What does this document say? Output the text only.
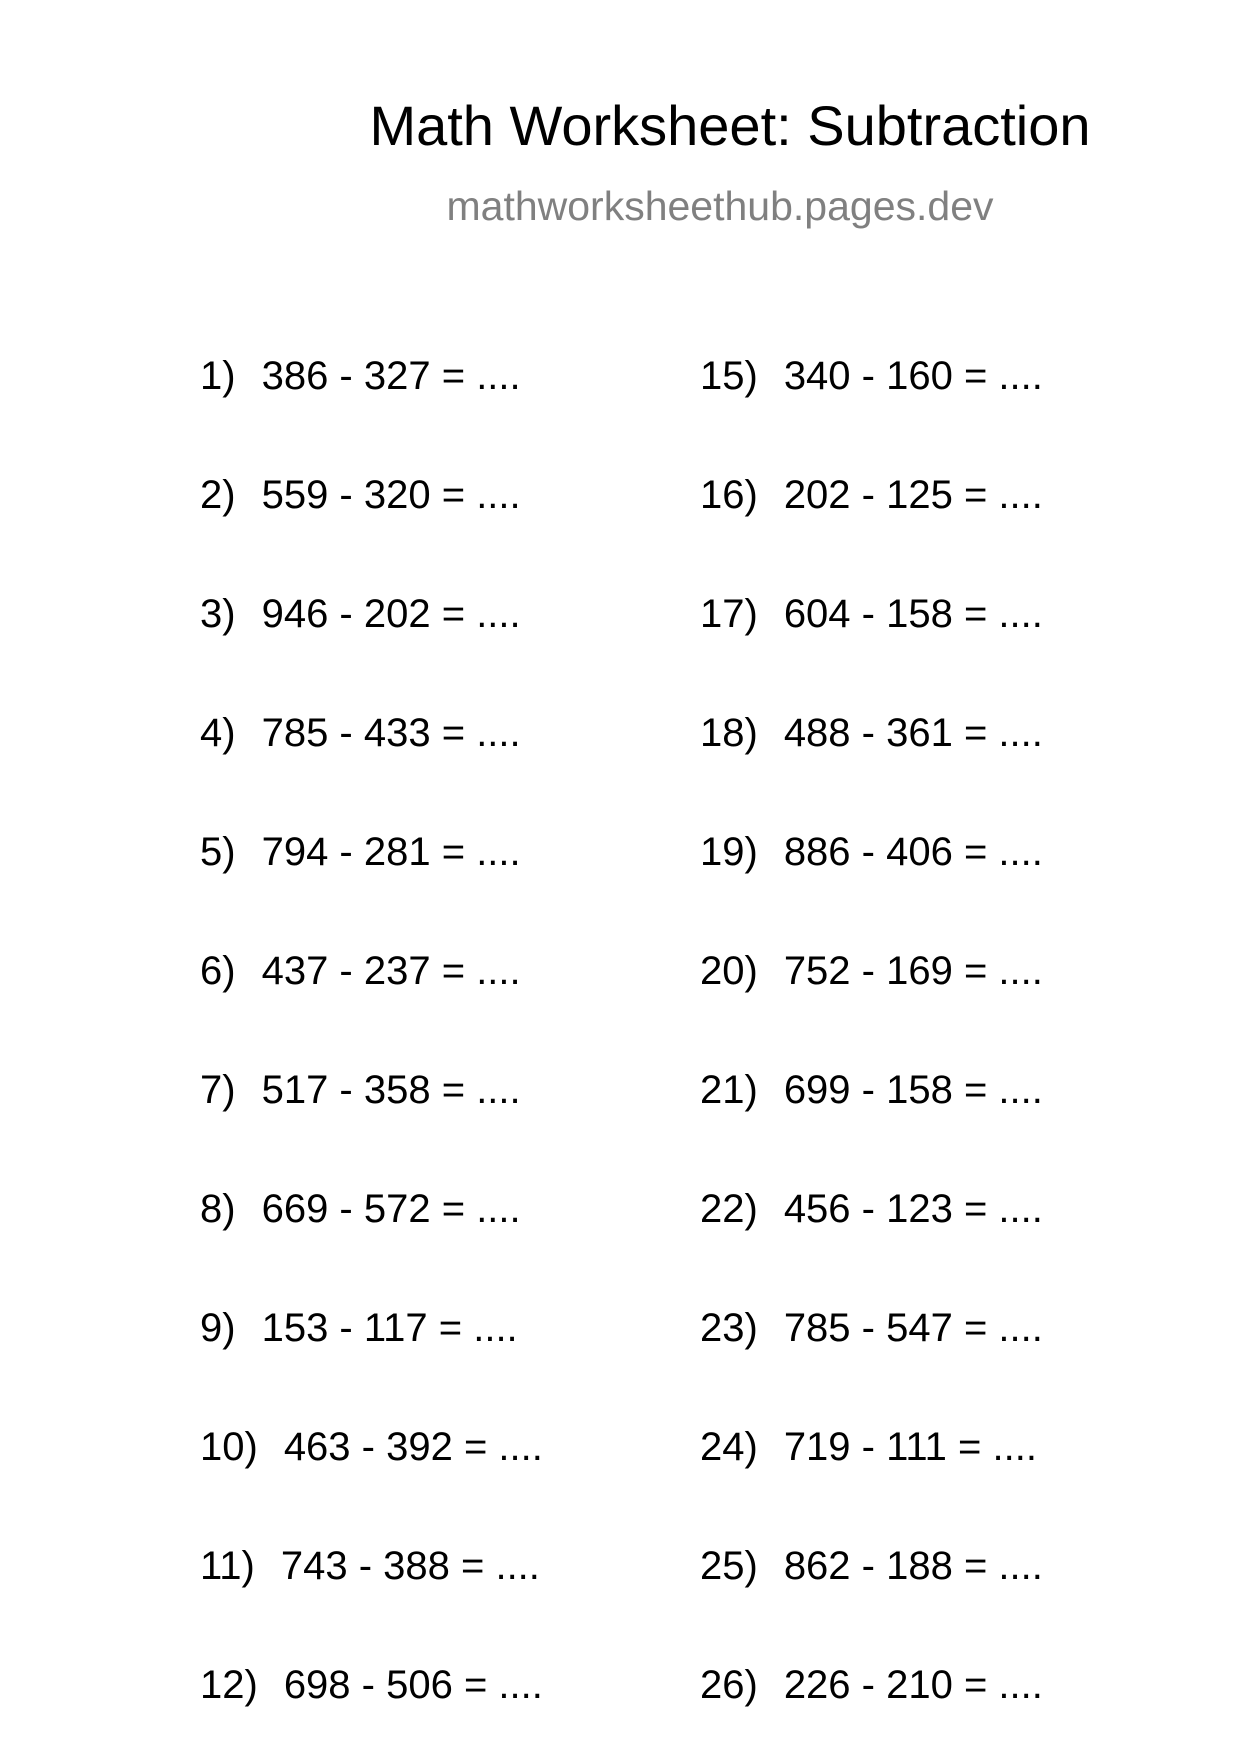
Math Worksheet: Subtraction
mathworksheethub.pages.dev
1) 386 - 327 = ....
2) 559 - 320 = ....
3) 946 - 202 = ....
4) 785 - 433 = ....
5) 794 - 281 = ....
6) 437 - 237 = ....
7) 517 - 358 = ....
8) 669 - 572 = ....
9) 153 - 117 = ....
10) 463 - 392 = ....
11) 743 - 388 = ....
12) 698 - 506 = ....
15) 340 - 160 = ....
16) 202 - 125 = ....
17) 604 - 158 = ....
18) 488 - 361 = ....
19) 886 - 406 = ....
20) 752 - 169 = ....
21) 699 - 158 = ....
22) 456 - 123 = ....
23) 785 - 547 = ....
24) 719 - 111 = ....
25) 862 - 188 = ....
26) 226 - 210 = ....
